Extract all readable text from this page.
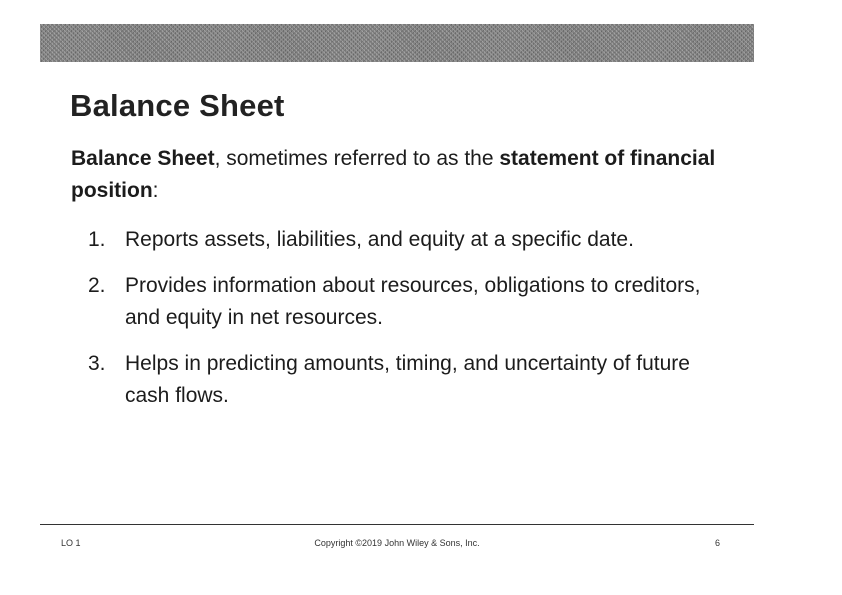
Balance Sheet

Balance Sheet, sometimes referred to as the statement of financial position:

1. Reports assets, liabilities, and equity at a specific date.
2. Provides information about resources, obligations to creditors, and equity in net resources.
3. Helps in predicting amounts, timing, and uncertainty of future cash flows.
LO 1	Copyright ©2019 John Wiley & Sons, Inc.	6
